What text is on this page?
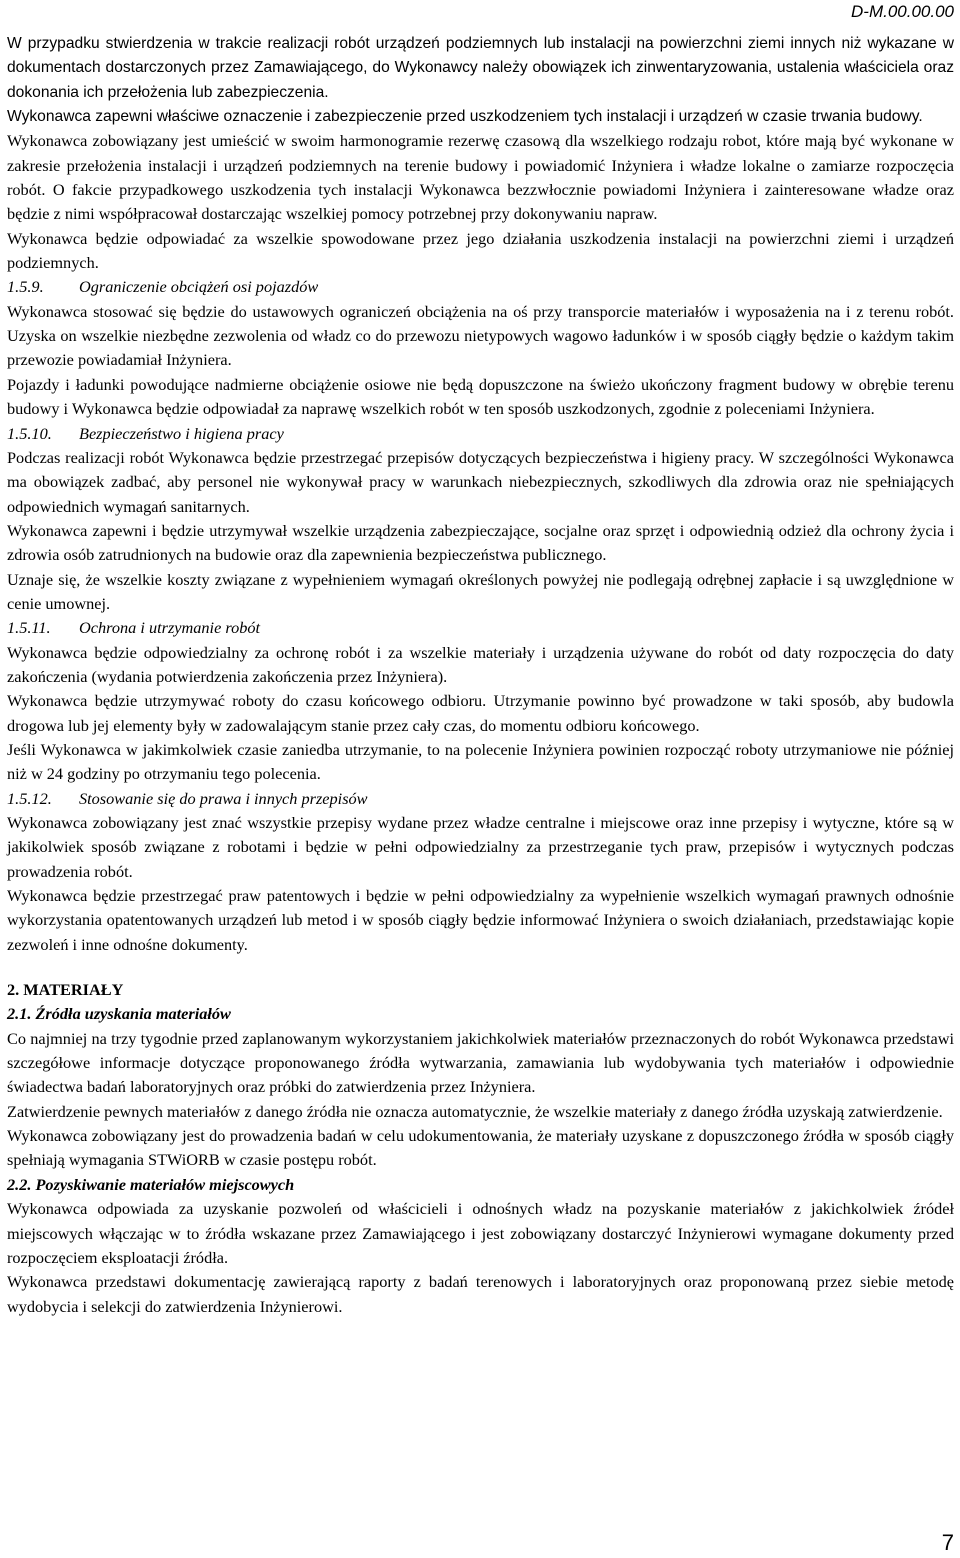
D-M.00.00.00

W przypadku stwierdzenia w trakcie realizacji robót urządzeń podziemnych lub instalacji na powierzchni ziemi innych niż wykazane w dokumentach dostarczonych przez Zamawiającego, do Wykonawcy należy obowiązek ich zinwentaryzowania, ustalenia właściciela oraz dokonania ich przełożenia lub zabezpieczenia.

Wykonawca zapewni właściwe oznaczenie i zabezpieczenie przed uszkodzeniem tych instalacji i urządzeń w czasie trwania budowy.

Wykonawca zobowiązany jest umieścić w swoim harmonogramie rezerwę czasową dla wszelkiego rodzaju robot, które mają być wykonane w zakresie przełożenia instalacji i urządzeń podziemnych na terenie budowy i powiadomić Inżyniera i władze lokalne o zamiarze rozpoczęcia robót. O fakcie przypadkowego uszkodzenia tych instalacji Wykonawca bezzwłocznie powiadomi Inżyniera i zainteresowane władze oraz będzie z nimi współpracował dostarczając wszelkiej pomocy potrzebnej przy dokonywaniu napraw.

Wykonawca będzie odpowiadać za wszelkie spowodowane przez jego działania uszkodzenia instalacji na powierzchni ziemi i urządzeń podziemnych.

1.5.9. Ograniczenie obciążeń osi pojazdów

Wykonawca stosować się będzie do ustawowych ograniczeń obciążenia na oś przy transporcie materiałów i wyposażenia na i z terenu robót. Uzyska on wszelkie niezbędne zezwolenia od władz co do przewozu nietypowych wagowo ładunków i w sposób ciągły będzie o każdym takim przewozie powiadamiał Inżyniera.

Pojazdy i ładunki powodujące nadmierne obciążenie osiowe nie będą dopuszczone na świeżo ukończony fragment budowy w obrębie terenu budowy i Wykonawca będzie odpowiadał za naprawę wszelkich robót w ten sposób uszkodzonych, zgodnie z poleceniami Inżyniera.

1.5.10. Bezpieczeństwo i higiena pracy

Podczas realizacji robót Wykonawca będzie przestrzegać przepisów dotyczących bezpieczeństwa i higieny pracy. W szczególności Wykonawca ma obowiązek zadbać, aby personel nie wykonywał pracy w warunkach niebezpiecznych, szkodliwych dla zdrowia oraz nie spełniających odpowiednich wymagań sanitarnych.

Wykonawca zapewni i będzie utrzymywał wszelkie urządzenia zabezpieczające, socjalne oraz sprzęt i odpowiednią odzież dla ochrony życia i zdrowia osób zatrudnionych na budowie oraz dla zapewnienia bezpieczeństwa publicznego.

Uznaje się, że wszelkie koszty związane z wypełnieniem wymagań określonych powyżej nie podlegają odrębnej zapłacie i są uwzględnione w cenie umownej.

1.5.11. Ochrona i utrzymanie robót

Wykonawca będzie odpowiedzialny za ochronę robót i za wszelkie materiały i urządzenia używane do robót od daty rozpoczęcia do daty zakończenia (wydania potwierdzenia zakończenia przez Inżyniera).

Wykonawca będzie utrzymywać roboty do czasu końcowego odbioru. Utrzymanie powinno być prowadzone w taki sposób, aby budowla drogowa lub jej elementy były w zadowalającym stanie przez cały czas, do momentu odbioru końcowego.

Jeśli Wykonawca w jakimkolwiek czasie zaniedba utrzymanie, to na polecenie Inżyniera powinien rozpocząć roboty utrzymaniowe nie później niż w 24 godziny po otrzymaniu tego polecenia.

1.5.12. Stosowanie się do prawa i innych przepisów

Wykonawca zobowiązany jest znać wszystkie przepisy wydane przez władze centralne i miejscowe oraz inne przepisy i wytyczne, które są w jakikolwiek sposób związane z robotami i będzie w pełni odpowiedzialny za przestrzeganie tych praw, przepisów i wytycznych podczas prowadzenia robót.

Wykonawca będzie przestrzegać praw patentowych i będzie w pełni odpowiedzialny za wypełnienie wszelkich wymagań prawnych odnośnie wykorzystania opatentowanych urządzeń lub metod i w sposób ciągły będzie informować Inżyniera o swoich działaniach, przedstawiając kopie zezwoleń i inne odnośne dokumenty.

2. MATERIAŁY

2.1. Źródła uzyskania materiałów

Co najmniej na trzy tygodnie przed zaplanowanym wykorzystaniem jakichkolwiek materiałów przeznaczonych do robót Wykonawca przedstawi szczegółowe informacje dotyczące proponowanego źródła wytwarzania, zamawiania lub wydobywania tych materiałów i odpowiednie świadectwa badań laboratoryjnych oraz próbki do zatwierdzenia przez Inżyniera.

Zatwierdzenie pewnych materiałów z danego źródła nie oznacza automatycznie, że wszelkie materiały z danego źródła uzyskają zatwierdzenie.

Wykonawca zobowiązany jest do prowadzenia badań w celu udokumentowania, że materiały uzyskane z dopuszczonego źródła w sposób ciągły spełniają wymagania STWiORB w czasie postępu robót.

2.2. Pozyskiwanie materiałów miejscowych

Wykonawca odpowiada za uzyskanie pozwoleń od właścicieli i odnośnych władz na pozyskanie materiałów z jakichkolwiek źródeł miejscowych włączając w to źródła wskazane przez Zamawiającego i jest zobowiązany dostarczyć Inżynierowi wymagane dokumenty przed rozpoczęciem eksploatacji źródła.

Wykonawca przedstawi dokumentację zawierającą raporty z badań terenowych i laboratoryjnych oraz proponowaną przez siebie metodę wydobycia i selekcji do zatwierdzenia Inżynierowi.

7
